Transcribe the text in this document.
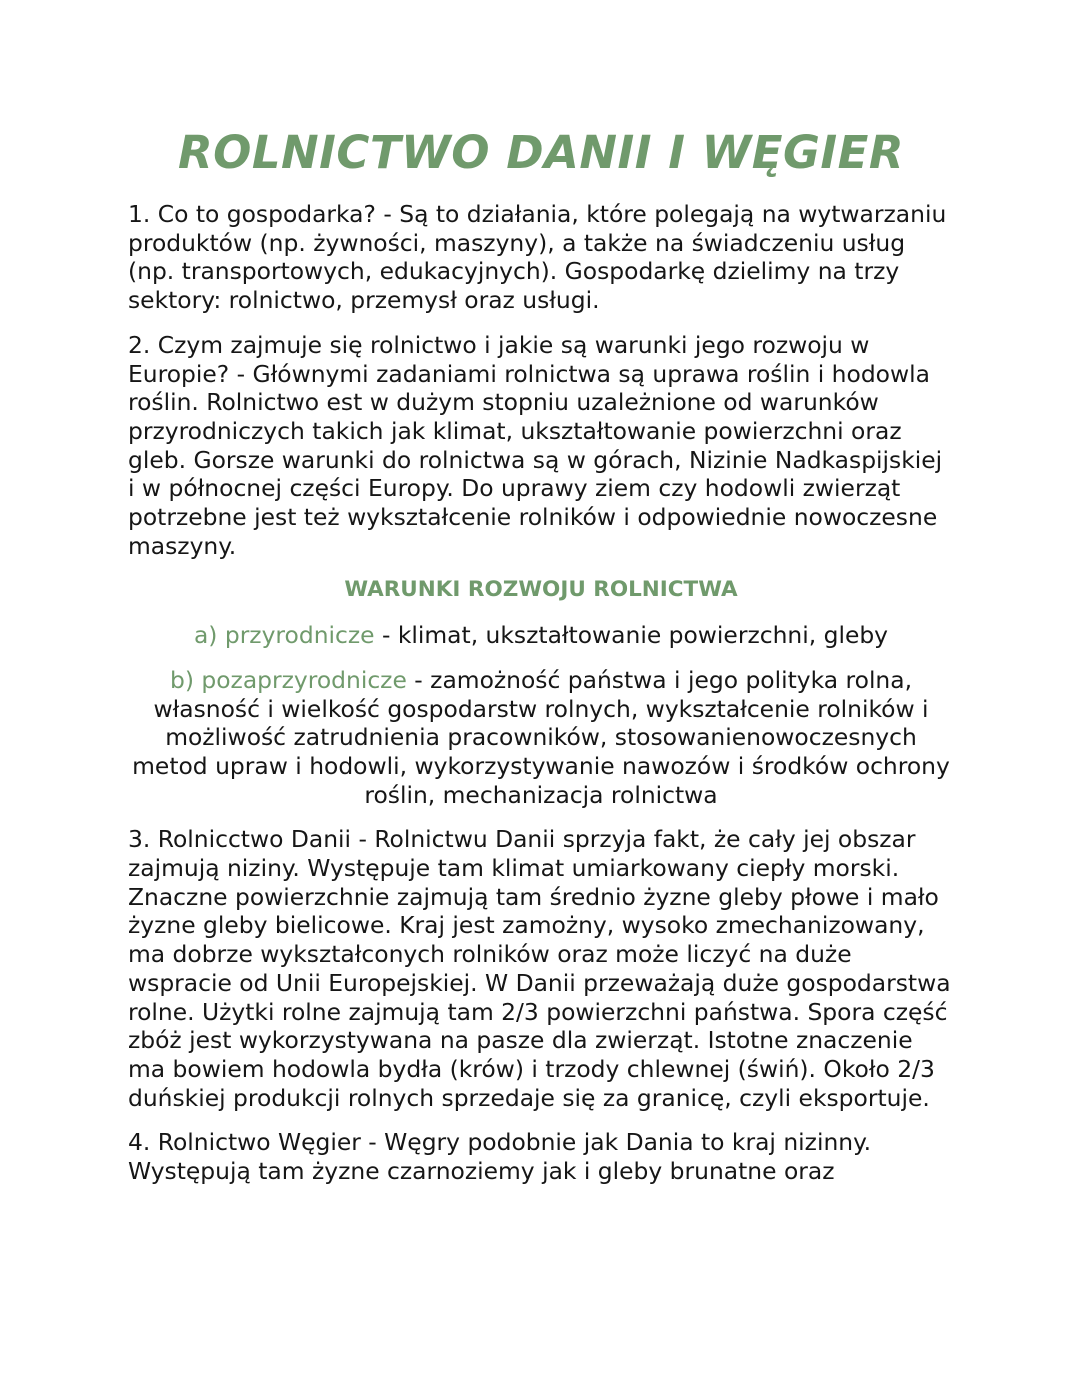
ROLNICTWO DANII I WĘGIER

1. Co to gospodarka? - Są to działania, które polegają na wytwarzaniu produktów (np. żywności, maszyny), a także na świadczeniu usług (np. transportowych, edukacyjnych). Gospodarkę dzielimy na trzy sektory: rolnictwo, przemysł oraz usługi.

2. Czym zajmuje się rolnictwo i jakie są warunki jego rozwoju w Europie? - Głównymi zadaniami rolnictwa są uprawa roślin i hodowla roślin. Rolnictwo est w dużym stopniu uzależnione od warunków przyrodniczych takich jak klimat, ukształtowanie powierzchni oraz gleb. Gorsze warunki do rolnictwa są w górach, Nizinie Nadkaspijskiej i w północnej części Europy. Do uprawy ziem czy hodowli zwierząt potrzebne jest też wykształcenie rolników i odpowiednie nowoczesne maszyny.

WARUNKI ROZWOJU ROLNICTWA

a) przyrodnicze - klimat, ukształtowanie powierzchni, gleby

b) pozaprzyrodnicze - zamożność państwa i jego polityka rolna, własność i wielkość gospodarstw rolnych, wykształcenie rolników i możliwość zatrudnienia pracowników, stosowanienowoczesnych metod upraw i hodowli, wykorzystywanie nawozów i środków ochrony roślin, mechanizacja rolnictwa

3. Rolnicctwo Danii - Rolnictwu Danii sprzyja fakt, że cały jej obszar zajmują niziny. Występuje tam klimat umiarkowany ciepły morski. Znaczne powierzchnie zajmują tam średnio żyzne gleby płowe i mało żyzne gleby bielicowe. Kraj jest zamożny, wysoko zmechanizowany, ma dobrze wykształconych rolników oraz może liczyć na duże wspracie od Unii Europejskiej. W Danii przeważają duże gospodarstwa rolne. Użytki rolne zajmują tam 2/3 powierzchni państwa. Spora część zbóż jest wykorzystywana na pasze dla zwierząt. Istotne znaczenie ma bowiem hodowla bydła (krów) i trzody chlewnej (świń). Około 2/3 duńskiej produkcji rolnych sprzedaje się za granicę, czyli eksportuje.

4. Rolnictwo Węgier - Węgry podobnie jak Dania to kraj nizinny. Występują tam żyzne czarnoziemy jak i gleby brunatne oraz
